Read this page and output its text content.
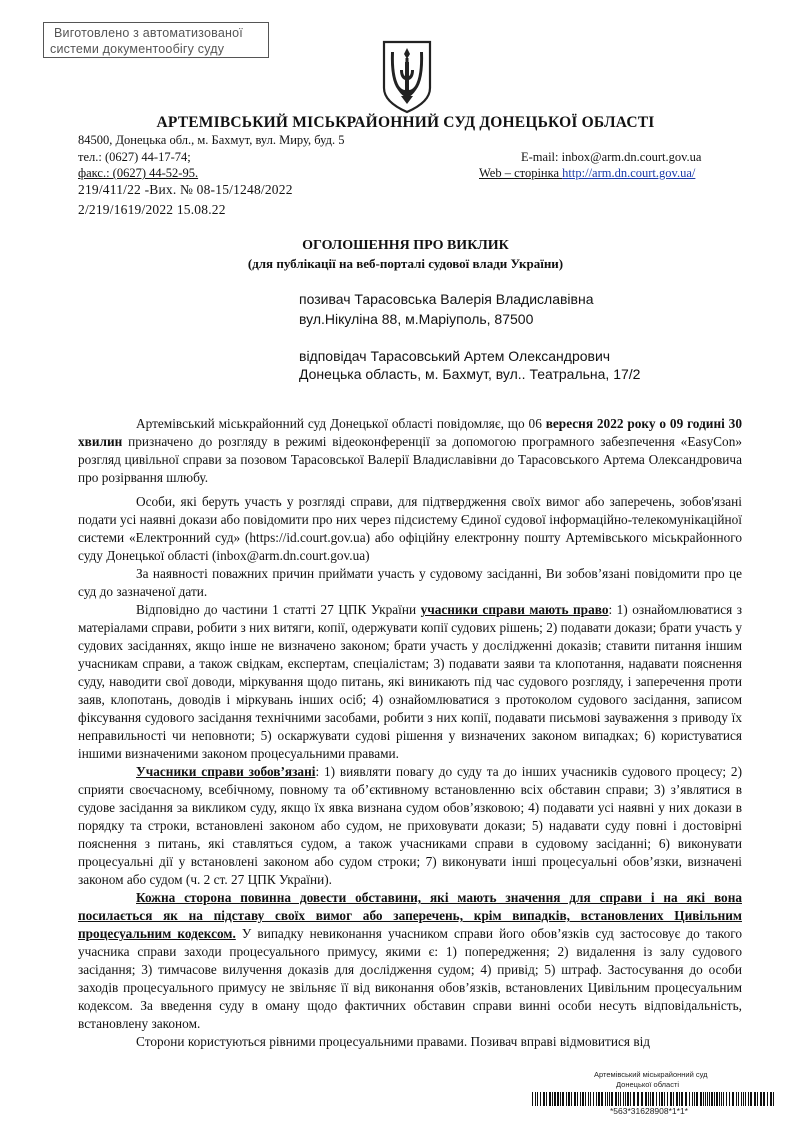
Виготовлено з автоматизованої
системи документообігу суду
АРТЕМІВСЬКИЙ МІСЬКРАЙОННИЙ СУД ДОНЕЦЬКОЇ ОБЛАСТІ
84500, Донецька обл., м. Бахмут, вул. Миру, буд. 5
тел.: (0627) 44-17-74;	E-mail: inbox@arm.dn.court.gov.ua
факс.: (0627) 44-52-95.	Web – сторінка http://arm.dn.court.gov.ua/
219/411/22 -Вих. № 08-15/1248/2022
2/219/1619/2022 15.08.22
ОГОЛОШЕННЯ ПРО ВИКЛИК
(для публікації на веб-порталі судової влади України)
позивач Тарасовська Валерія Владиславівна
вул.Нікуліна 88, м.Маріуполь, 87500
відповідач Тарасовський Артем Олександрович
Донецька область, м. Бахмут, вул.. Театральна, 17/2

Артемівський міськрайонний суд Донецької області повідомляє, що 06 вересня 2022 року о 09 годині 30 хвилин призначено до розгляду в режимі відеоконференції за допомогою програмного забезпечення «EasyCon» розгляд цивільної справи за позовом Тарасовської Валерії Владиславівни до Тарасовського Артема Олександровича про розірвання шлюбу.

Особи, які беруть участь у розгляді справи, для підтвердження своїх вимог або заперечень, зобов'язані подати усі наявні докази або повідомити про них через підсистему Єдиної судової інформаційно-телекомунікаційної системи «Електронний суд» (https://id.court.gov.ua) або офіційну електронну пошту Артемівського міськрайонного суду Донецької області (inbox@arm.dn.court.gov.ua)

За наявності поважних причин приймати участь у судовому засіданні, Ви зобов’язані повідомити про це суд до зазначеної дати.

Відповідно до частини 1 статті 27 ЦПК України учасники справи мають право: 1) ознайомлюватися з матеріалами справи, робити з них витяги, копії, одержувати копії судових рішень; 2) подавати докази; брати участь у судових засіданнях, якщо інше не визначено законом; брати участь у дослідженні доказів; ставити питання іншим учасникам справи, а також свідкам, експертам, спеціалістам; 3) подавати заяви та клопотання, надавати пояснення суду, наводити свої доводи, міркування щодо питань, які виникають під час судового розгляду, і заперечення проти заяв, клопотань, доводів і міркувань інших осіб; 4) ознайомлюватися з протоколом судового засідання, записом фіксування судового засідання технічними засобами, робити з них копії, подавати письмові зауваження з приводу їх неправильності чи неповноти; 5) оскаржувати судові рішення у визначених законом випадках; 6) користуватися іншими визначеними законом процесуальними правами.

Учасники справи зобов’язані: 1) виявляти повагу до суду та до інших учасників судового процесу; 2) сприяти своєчасному, всебічному, повному та об’єктивному встановленню всіх обставин справи; 3) з’являтися в судове засідання за викликом суду, якщо їх явка визнана судом обов’язковою; 4) подавати усі наявні у них докази в порядку та строки, встановлені законом або судом, не приховувати докази; 5) надавати суду повні і достовірні пояснення з питань, які ставляться судом, а також учасниками справи в судовому засіданні; 6) виконувати процесуальні дії у встановлені законом або судом строки; 7) виконувати інші процесуальні обов’язки, визначені законом або судом (ч. 2 ст. 27 ЦПК України).

Кожна сторона повинна довести обставини, які мають значення для справи і на які вона посилається як на підставу своїх вимог або заперечень, крім випадків, встановлених Цивільним процесуальним кодексом. У випадку невиконання учасником справи його обов’язків суд застосовує до такого учасника справи заходи процесуального примусу, якими є: 1) попередження; 2) видалення із залу судового засідання; 3) тимчасове вилучення доказів для дослідження судом; 4) привід; 5) штраф. Застосування до особи заходів процесуального примусу не звільняє її від виконання обов’язків, встановлених Цивільним процесуальним кодексом. За введення суду в оману щодо фактичних обставин справи винні особи несуть відповідальність, встановлену законом.

Сторони користуються рівними процесуальними правами. Позивач вправі відмовитися від

Артемівський міськрайонний суд
Донецької області
*563*31628908*1*1*
